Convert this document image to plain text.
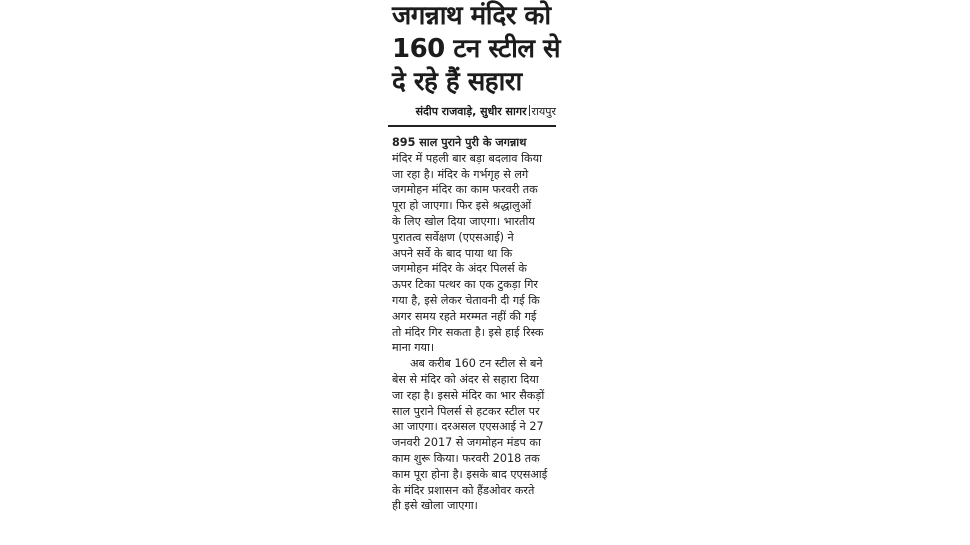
जगन्नाथ मंदिर को
160 टन स्टील से
दे रहे हैं सहारा
संदीप राजवाड़े, सुधीर सागर रायपुर
895 साल पुराने पुरी के जगन्नाथ
मंदिर में पहली बार बड़ा बदलाव किया
जा रहा है। मंदिर के गर्भगृह से लगे
जगमोहन मंदिर का काम फरवरी तक
पूरा हो जाएगा। फिर इसे श्रद्धालुओं
के लिए खोल दिया जाएगा। भारतीय
पुरातत्व सर्वेक्षण (एएसआई) ने
अपने सर्वे के बाद पाया था कि
जगमोहन मंदिर के अंदर पिलर्स के
ऊपर टिका पत्थर का एक टुकड़ा गिर
गया है, इसे लेकर चेतावनी दी गई कि
अगर समय रहते मरम्मत नहीं की गई
तो मंदिर गिर सकता है। इसे हाई रिस्क
माना गया।
अब करीब 160 टन स्टील से बने
बेस से मंदिर को अंदर से सहारा दिया
जा रहा है। इससे मंदिर का भार सैकड़ों
साल पुराने पिलर्स से हटकर स्टील पर
आ जाएगा। दरअसल एएसआई ने 27
जनवरी 2017 से जगमोहन मंडप का
काम शुरू किया। फरवरी 2018 तक
काम पूरा होना है। इसके बाद एएसआई
के मंदिर प्रशासन को हैंडओवर करते
ही इसे खोला जाएगा।
